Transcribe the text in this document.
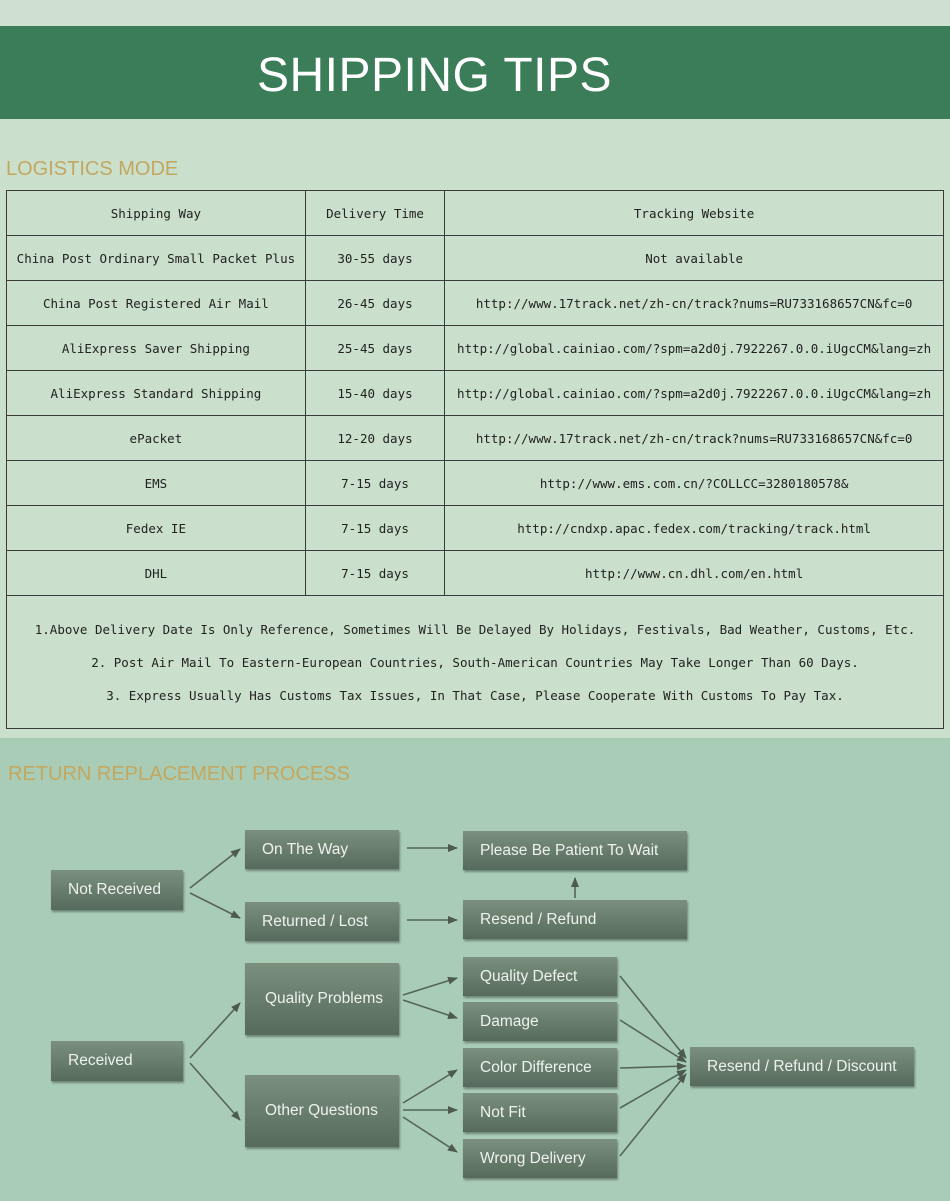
SHIPPING TIPS
LOGISTICS MODE
Shipping Way	Delivery Time	Tracking Website
China Post Ordinary Small Packet Plus	30-55 days	Not available
China Post Registered Air Mail	26-45 days	http://www.17track.net/zh-cn/track?nums=RU733168657CN&fc=0
AliExpress Saver Shipping	25-45 days	http://global.cainiao.com/?spm=a2d0j.7922267.0.0.iUgcCM&lang=zh
AliExpress Standard Shipping	15-40 days	http://global.cainiao.com/?spm=a2d0j.7922267.0.0.iUgcCM&lang=zh
ePacket	12-20 days	http://www.17track.net/zh-cn/track?nums=RU733168657CN&fc=0
EMS	7-15 days	http://www.ems.com.cn/?COLLCC=3280180578&
Fedex IE	7-15 days	http://cndxp.apac.fedex.com/tracking/track.html
DHL	7-15 days	http://www.cn.dhl.com/en.html

1.Above Delivery Date Is Only Reference, Sometimes Will Be Delayed By Holidays, Festivals, Bad Weather, Customs, Etc.
2. Post Air Mail To Eastern-European Countries, South-American Countries May Take Longer Than 60 Days.
3. Express Usually Has Customs Tax Issues, In That Case, Please Cooperate With Customs To Pay Tax.		
RETURN REPLACEMENT PROCESS
Not Received
On The Way
Returned / Lost
Please Be Patient To Wait
Resend / Refund
Received
Quality Problems
Other Questions
Quality Defect
Damage
Color Difference
Not Fit
Wrong Delivery
Resend / Refund / Discount
